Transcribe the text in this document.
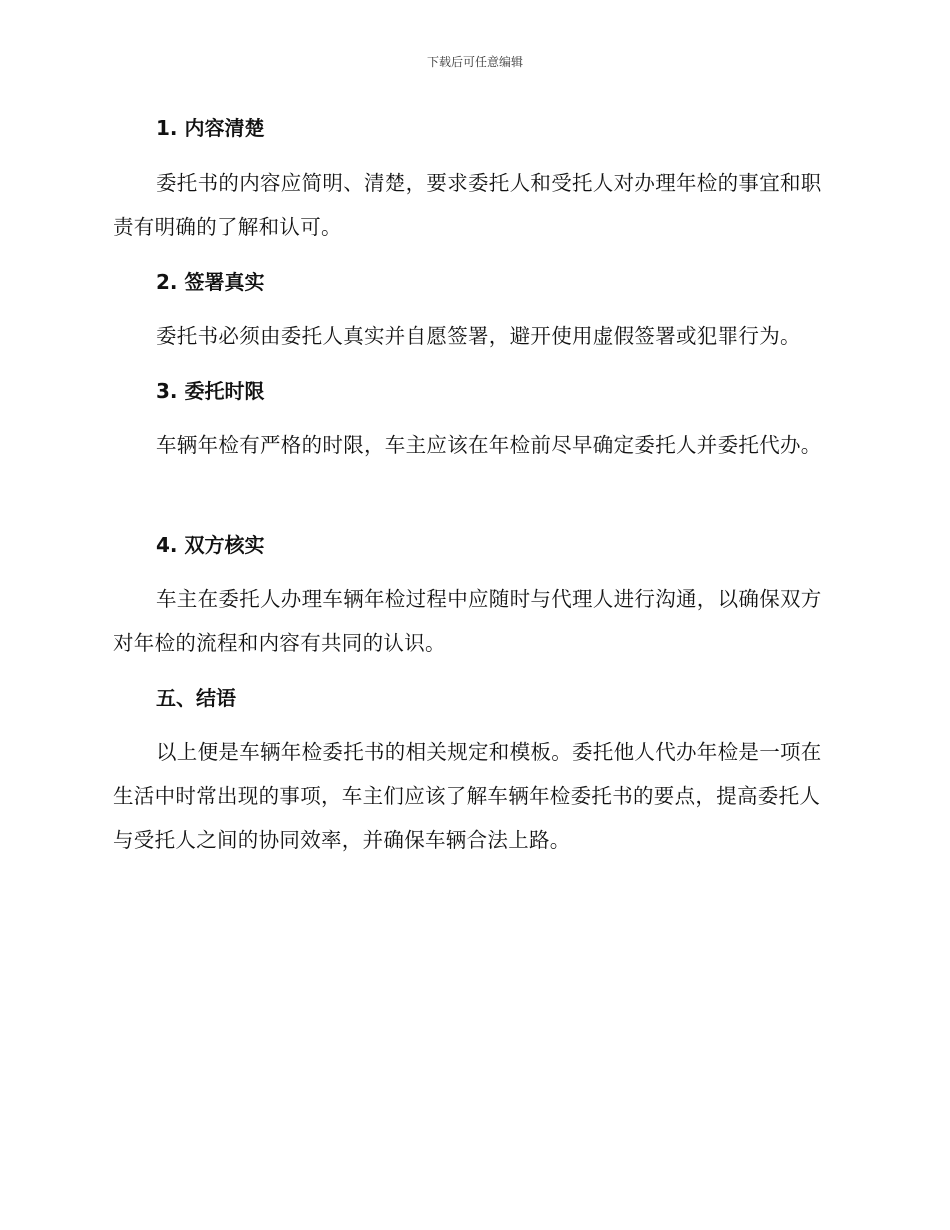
下载后可任意编辑
1. 内容清楚
委托书的内容应简明、清楚，要求委托人和受托人对办理年检的事宜和职责有明确的了解和认可。
2. 签署真实
委托书必须由委托人真实并自愿签署，避开使用虚假签署或犯罪行为。
3. 委托时限
车辆年检有严格的时限，车主应该在年检前尽早确定委托人并委托代办。
4. 双方核实
车主在委托人办理车辆年检过程中应随时与代理人进行沟通，以确保双方对年检的流程和内容有共同的认识。
五、结语
以上便是车辆年检委托书的相关规定和模板。委托他人代办年检是一项在生活中时常出现的事项，车主们应该了解车辆年检委托书的要点，提高委托人与受托人之间的协同效率，并确保车辆合法上路。
